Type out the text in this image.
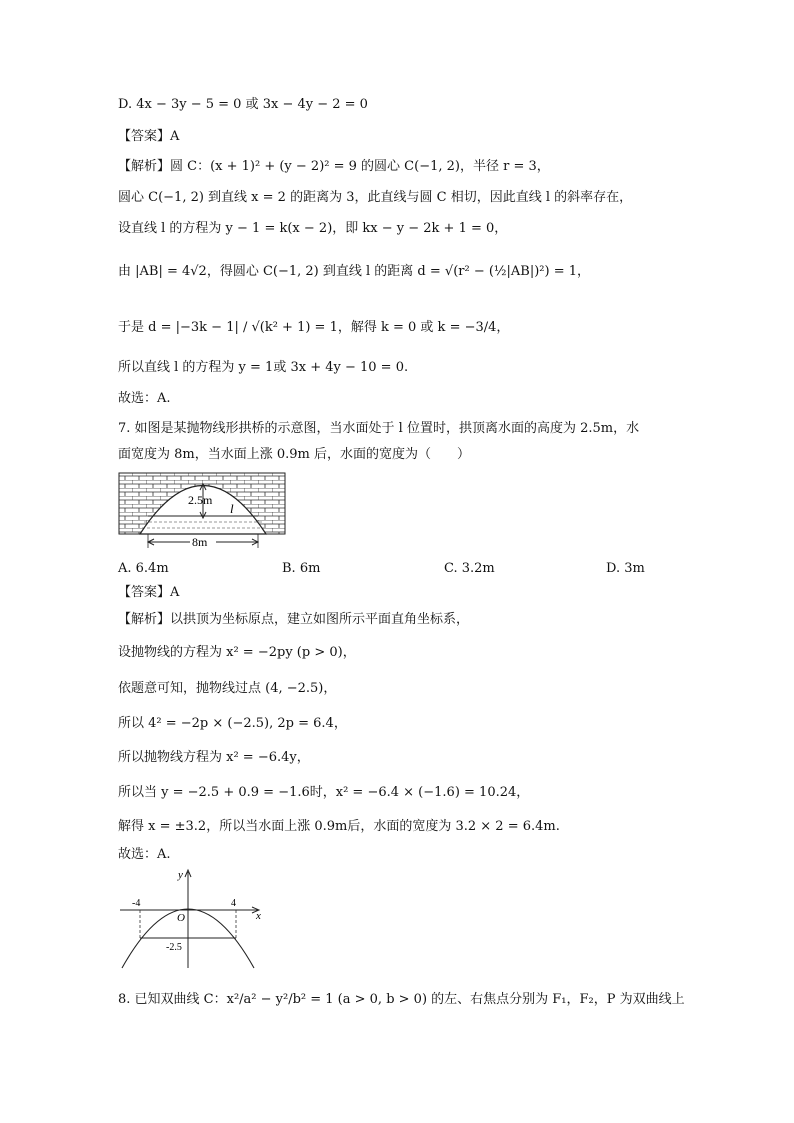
D. 4x − 3y − 5 = 0 或 3x − 4y − 2 = 0
【答案】A
【解析】圆 C：(x + 1)² + (y − 2)² = 9 的圆心 C(−1, 2)，半径 r = 3，
圆心 C(−1, 2) 到直线 x = 2 的距离为 3，此直线与圆 C 相切，因此直线 l 的斜率存在，
设直线 l 的方程为 y − 1 = k(x − 2)，即 kx − y − 2k + 1 = 0，
由 |AB| = 4√2，得圆心 C(−1, 2) 到直线 l 的距离 d = √(r² − (½|AB|)²) = 1，
于是 d = |−3k − 1| / √(k² + 1) = 1，解得 k = 0 或 k = −3/4，
所以直线 l 的方程为 y = 1或 3x + 4y − 10 = 0.
故选：A.
7. 如图是某抛物线形拱桥的示意图，当水面处于 l 位置时，拱顶离水面的高度为 2.5m，水
面宽度为 8m，当水面上涨 0.9m 后，水面的宽度为（　　）
2.5m
l
8m
A. 6.4m	B. 6m	C. 3.2m	D. 3m
【答案】A
【解析】以拱顶为坐标原点，建立如图所示平面直角坐标系，
设抛物线的方程为 x² = −2py (p > 0)，
依题意可知，抛物线过点 (4, −2.5)，
所以 4² = −2p × (−2.5), 2p = 6.4，
所以抛物线方程为 x² = −6.4y，
所以当 y = −2.5 + 0.9 = −1.6时，x² = −6.4 × (−1.6) = 10.24，
解得 x = ±3.2，所以当水面上涨 0.9m后，水面的宽度为 3.2 × 2 = 6.4m.
故选：A.
x
y
O
-4	4
-2.5
8. 已知双曲线 C：x²/a² − y²/b² = 1 (a > 0, b > 0) 的左、右焦点分别为 F₁，F₂，P 为双曲线上
